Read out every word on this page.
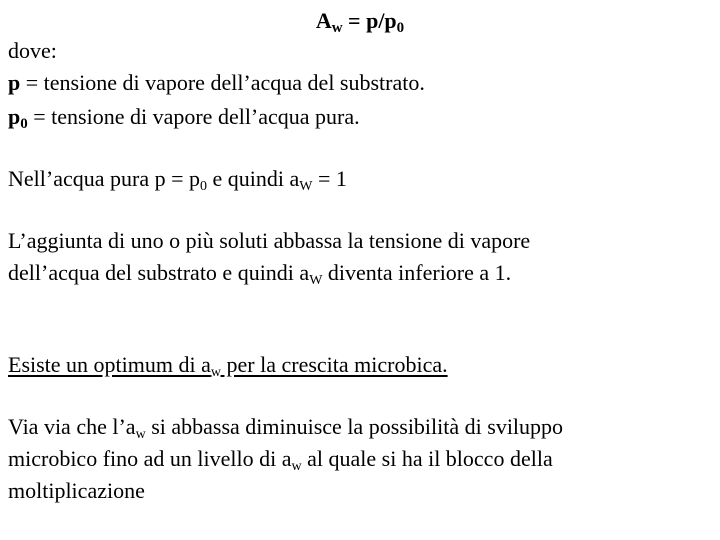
Aw = p/p0
dove:
p = tensione di vapore dell’acqua del substrato.
p0 = tensione di vapore dell’acqua pura.
Nell’acqua pura $p = p_0$ e quindi $a_W = 1$
L’aggiunta di uno o più soluti abbassa la tensione di vapore
dell’acqua del substrato e quindi $a_W$ diventa inferiore a 1.
Esiste un optimum di $a_w$ per la crescita microbica.
Via via che $l’a_w$ si abbassa diminuisce la possibilità di sviluppo
microbico fino ad un livello di $a_w$ al quale si ha il blocco della
moltiplicazione
